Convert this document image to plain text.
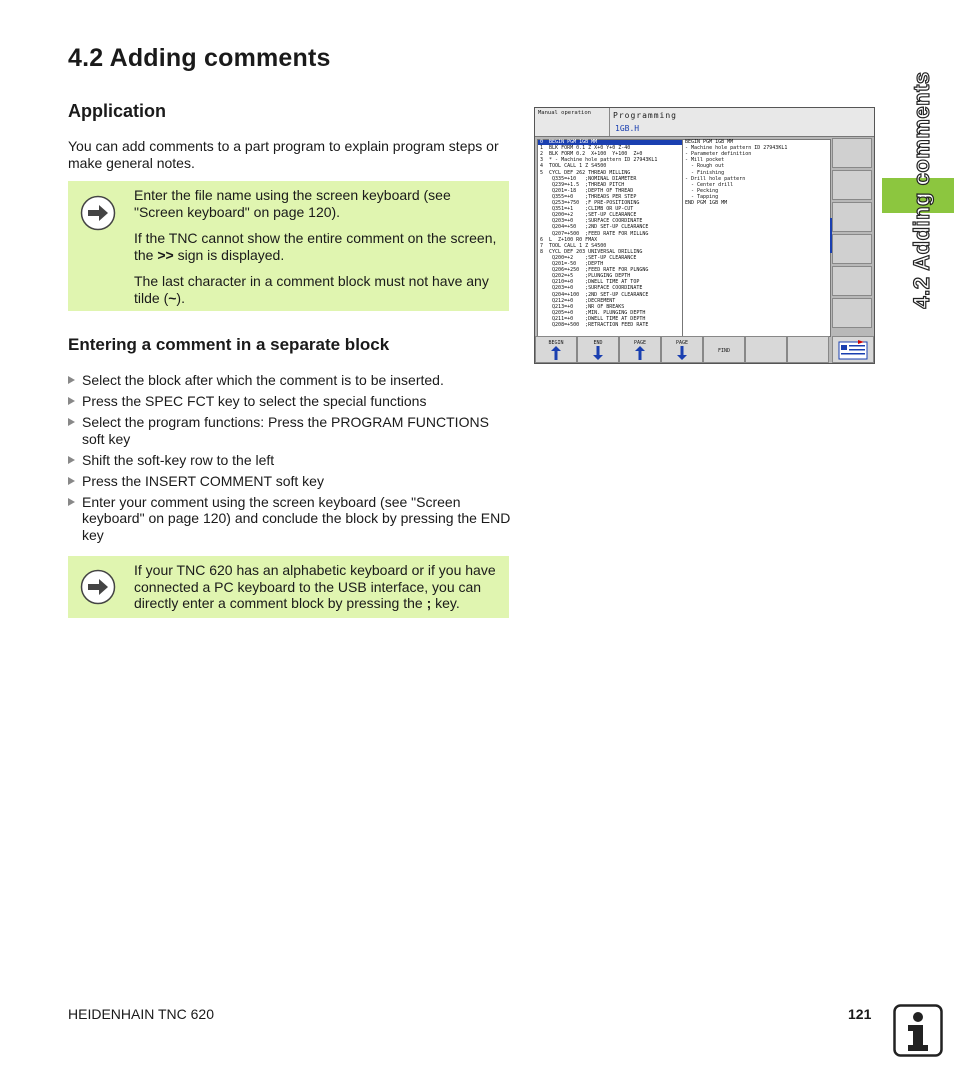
4.2 Adding comments
4.2 Adding comments
Application
You can add comments to a part program to explain program steps or make general notes.

Enter the file name using the screen keyboard (see "Screen keyboard" on page 120).

If the TNC cannot show the entire comment on the screen, the >> sign is displayed.

The last character in a comment block must not have any tilde (~).

Entering a comment in a separate block
Select the block after which the comment is to be inserted.
Press the SPEC FCT key to select the special functions
Select the program functions: Press the PROGRAM FUNCTIONS soft key
Shift the soft-key row to the left
Press the INSERT COMMENT soft key
Enter your comment using the screen keyboard (see "Screen keyboard" on page 120) and conclude the block by pressing the END key
If your TNC 620 has an alphabetic keyboard or if you have connected a PC keyboard to the USB interface, you can directly enter a comment block by pressing the ; key.
Manual operation	Programming
1GB.H
0  BEGIN PGM 1GB MM
1  BLK FORM 0.1 Z X+0 Y+0 Z-40
2  BLK FORM 0.2  X+100  Y+100  Z+0
3  * - Machine hole pattern ID 27943KL1
4  TOOL CALL 1 Z S4500
5  CYCL DEF 262 THREAD MILLING
Q335=+10   ;NOMINAL DIAMETER
Q239=+1.5  ;THREAD PITCH
Q201=-18   ;DEPTH OF THREAD
Q355=+0    ;THREADS PER STEP
Q253=+750  ;F PRE-POSITIONING
Q351=+1    ;CLIMB OR UP-CUT
Q200=+2    ;SET-UP CLEARANCE
Q203=+0    ;SURFACE COORDINATE
Q204=+50   ;2ND SET-UP CLEARANCE
Q207=+500  ;FEED RATE FOR MILLNG
6  L  Z+100 R0 FMAX
7  TOOL CALL 1 Z S4500
8  CYCL DEF 203 UNIVERSAL DRILLING
Q200=+2    ;SET-UP CLEARANCE
Q201=-50   ;DEPTH
Q206=+250  ;FEED RATE FOR PLNGNG
Q202=+5    ;PLUNGING DEPTH
Q210=+0    ;DWELL TIME AT TOP
Q203=+0    ;SURFACE COORDINATE
Q204=+100  ;2ND SET-UP CLEARANCE
Q212=+0    ;DECREMENT
Q213=+0    ;NR OF BREAKS
Q205=+0    ;MIN. PLUNGING DEPTH
Q211=+0    ;DWELL TIME AT DEPTH
Q208=+500  ;RETRACTION FEED RATE
BEGIN PGM 1GB MM
- Machine hole pattern ID 27943KL1
- Parameter definition
- Mill pocket
- Rough out
- Finishing
- Drill hole pattern
- Center drill
- Pecking
- Tapping
END PGM 1GB MM
BEGIN	END	PAGE	PAGE
FIND
HEIDENHAIN TNC 620	121
